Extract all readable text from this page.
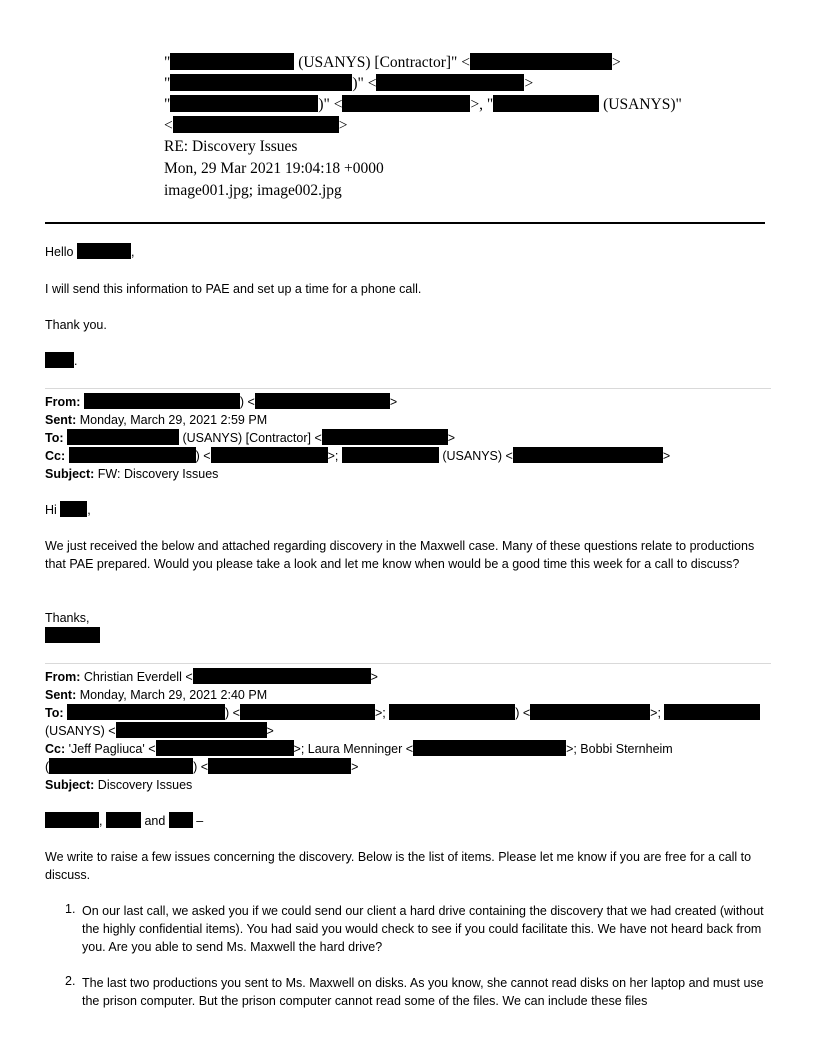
"	(USANYS) [Contractor]" <	>
"	)" <	>
"	)" <	>, "	(USANYS)"
<	>
RE: Discovery Issues
Mon, 29 Mar 2021 19:04:18 +0000
image001.jpg; image002.jpg
Hello	,
I will send this information to PAE and set up a time for a phone call.
Thank you.
.
From:	) <	>
Sent: Monday, March 29, 2021 2:59 PM
To:	(USANYS) [Contractor] <	>
Cc:	) <	>;	(USANYS) <	>
Subject: FW: Discovery Issues
Hi ,
We just received the below and attached regarding discovery in the Maxwell case. Many of these questions relate to productions that PAE prepared. Would you please take a look and let me know when would be a good time this week for a call to discuss?
Thanks,
From: Christian Everdell <	>
Sent: Monday, March 29, 2021 2:40 PM
To:	) <	>;	) <	>;
(USANYS) <	>
Cc: 'Jeff Pagliuca' <	>; Laura Menninger <	>; Bobbi Sternheim
(	) <	>
Subject: Discovery Issues
,	and –
We write to raise a few issues concerning the discovery. Below is the list of items. Please let me know if you are free for a call to discuss.
1. On our last call, we asked you if we could send our client a hard drive containing the discovery that we had created (without the highly confidential items). You had said you would check to see if you could facilitate this. We have not heard back from you. Are you able to send Ms. Maxwell the hard drive?
2. The last two productions you sent to Ms. Maxwell on disks. As you know, she cannot read disks on her laptop and must use the prison computer. But the prison computer cannot read some of the files. We can include these files
